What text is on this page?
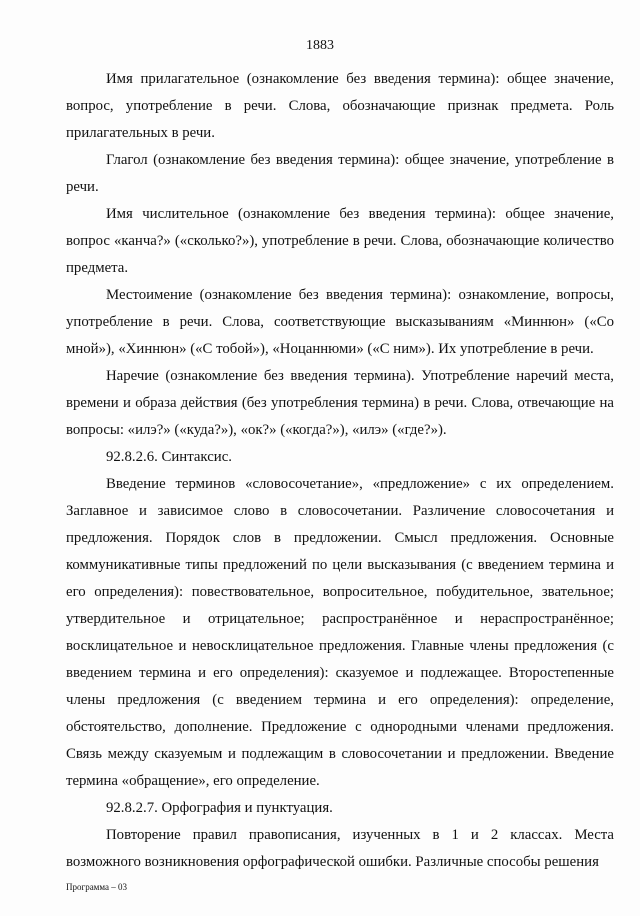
1883

Имя прилагательное (ознакомление без введения термина): общее значение, вопрос, употребление в речи. Слова, обозначающие признак предмета. Роль прилагательных в речи.

Глагол (ознакомление без введения термина): общее значение, употребление в речи.

Имя числительное (ознакомление без введения термина): общее значение, вопрос «канча?» («сколько?»), употребление в речи. Слова, обозначающие количество предмета.

Местоимение (ознакомление без введения термина): ознакомление, вопросы, употребление в речи. Слова, соответствующие высказываниям «Миннюн» («Со мной»), «Хиннюн» («С тобой»), «Ноцаннюми» («С ним»). Их употребление в речи.

Наречие (ознакомление без введения термина). Употребление наречий места, времени и образа действия (без употребления термина) в речи. Слова, отвечающие на вопросы: «илэ?» («куда?»), «ок?» («когда?»), «илэ» («где?»).

92.8.2.6. Синтаксис.

Введение терминов «словосочетание», «предложение» с их определением. Заглавное и зависимое слово в словосочетании. Различение словосочетания и предложения. Порядок слов в предложении. Смысл предложения. Основные коммуникативные типы предложений по цели высказывания (с введением термина и его определения): повествовательное, вопросительное, побудительное, звательное; утвердительное и отрицательное; распространённое и нераспространённое; восклицательное и невосклицательное предложения. Главные члены предложения (с введением термина и его определения): сказуемое и подлежащее. Второстепенные члены предложения (с введением термина и его определения): определение, обстоятельство, дополнение. Предложение с однородными членами предложения. Связь между сказуемым и подлежащим в словосочетании и предложении. Введение термина «обращение», его определение.

92.8.2.7. Орфография и пунктуация.

Повторение правил правописания, изученных в 1 и 2 классах. Места возможного возникновения орфографической ошибки. Различные способы решения

Программа – 03
